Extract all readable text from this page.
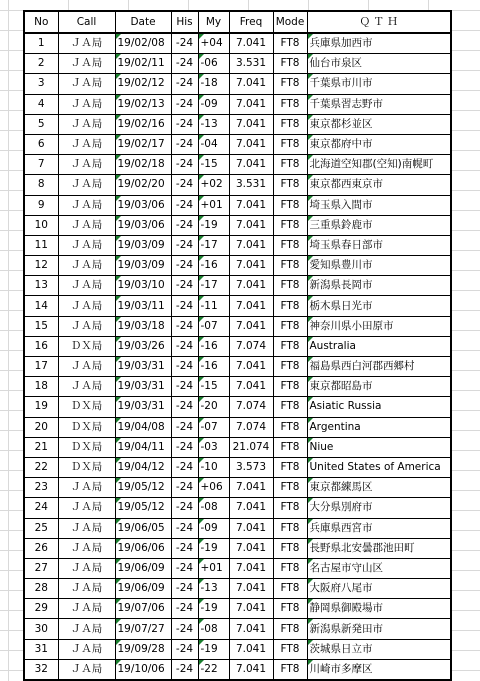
No	Call	Date	His	My	Freq	Mode	Ｑ Ｔ Ｈ
1	ＪＡ局	19/02/08	-24	+04	7.041	FT8	兵庫県加西市
2	ＪＡ局	19/02/11	-24	-06	3.531	FT8	仙台市泉区
3	ＪＡ局	19/02/12	-24	-18	7.041	FT8	千葉県市川市
4	ＪＡ局	19/02/13	-24	-09	7.041	FT8	千葉県習志野市
5	ＪＡ局	19/02/16	-24	-13	7.041	FT8	東京都杉並区
6	ＪＡ局	19/02/17	-24	-04	7.041	FT8	東京都府中市
7	ＪＡ局	19/02/18	-24	-15	7.041	FT8	北海道空知郡(空知)南幌町
8	ＪＡ局	19/02/20	-24	+02	3.531	FT8	東京都西東京市
9	ＪＡ局	19/03/06	-24	+01	7.041	FT8	埼玉県入間市
10	ＪＡ局	19/03/06	-24	-19	7.041	FT8	三重県鈴鹿市
11	ＪＡ局	19/03/09	-24	-17	7.041	FT8	埼玉県春日部市
12	ＪＡ局	19/03/09	-24	-16	7.041	FT8	愛知県豊川市
13	ＪＡ局	19/03/10	-24	-17	7.041	FT8	新潟県長岡市
14	ＪＡ局	19/03/11	-24	-11	7.041	FT8	栃木県日光市
15	ＪＡ局	19/03/18	-24	-07	7.041	FT8	神奈川県小田原市
16	ＤＸ局	19/03/26	-24	-16	7.074	FT8	Australia
17	ＪＡ局	19/03/31	-24	-16	7.041	FT8	福島県西白河郡西郷村
18	ＪＡ局	19/03/31	-24	-15	7.041	FT8	東京都昭島市
19	ＤＸ局	19/03/31	-24	-20	7.074	FT8	Asiatic Russia
20	ＤＸ局	19/04/08	-24	-07	7.074	FT8	Argentina
21	ＤＸ局	19/04/11	-24	-03	21.074	FT8	Niue
22	ＤＸ局	19/04/12	-24	-10	3.573	FT8	United States of America
23	ＪＡ局	19/05/12	-24	+06	7.041	FT8	東京都練馬区
24	ＪＡ局	19/05/12	-24	-08	7.041	FT8	大分県別府市
25	ＪＡ局	19/06/05	-24	-09	7.041	FT8	兵庫県西宮市
26	ＪＡ局	19/06/06	-24	-19	7.041	FT8	長野県北安曇郡池田町
27	ＪＡ局	19/06/09	-24	+01	7.041	FT8	名古屋市守山区
28	ＪＡ局	19/06/09	-24	-13	7.041	FT8	大阪府八尾市
29	ＪＡ局	19/07/06	-24	-19	7.041	FT8	静岡県御殿場市
30	ＪＡ局	19/07/27	-24	-08	7.041	FT8	新潟県新発田市
31	ＪＡ局	19/09/28	-24	-19	7.041	FT8	茨城県日立市
32	ＪＡ局	19/10/06	-24	-22	7.041	FT8	川崎市多摩区
